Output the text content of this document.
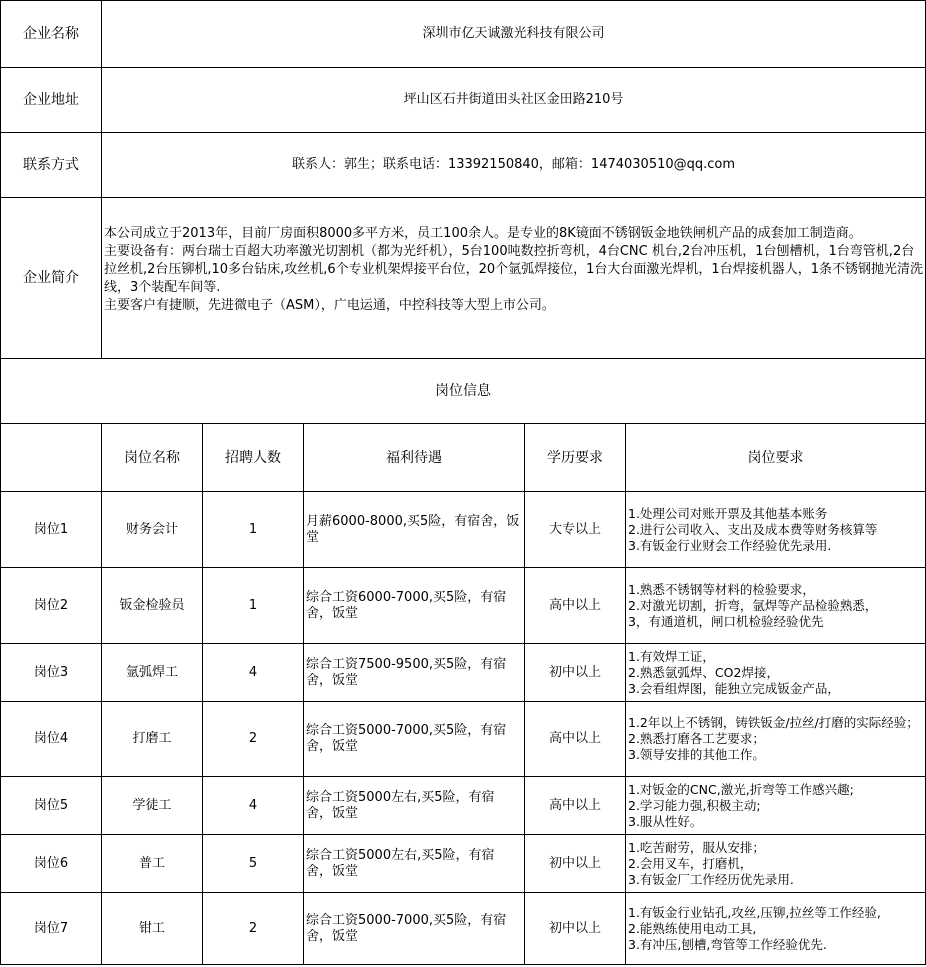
企业名称	深圳市亿天诚激光科技有限公司
企业地址	坪山区石井街道田头社区金田路210号
联系方式	联系人：郭生；联系电话：13392150840，邮箱：1474030510@qq.com
企业简介	本公司成立于2013年，目前厂房面积8000多平方米，员工100余人。是专业的8K镜面不锈钢钣金地铁闸机产品的成套加工制造商。
主要设备有：两台瑞士百超大功率激光切割机（都为光纤机），5台100吨数控折弯机，4台CNC 机台,2台冲压机，1台刨槽机，1台弯管机,2台拉丝机,2台压铆机,10多台钻床,攻丝机,6个专业机架焊接平台位，20个氩弧焊接位，1台大台面激光焊机，1台焊接机器人，1条不锈钢抛光清洗线，3个装配车间等.
主要客户有捷顺，先进微电子（ASM），广电运通，中控科技等大型上市公司。

岗位信息	
	岗位名称	招聘人数	福利待遇	学历要求	岗位要求
岗位1	财务会计	1	月薪6000-8000,买5险，有宿舍，饭堂	大专以上	1.处理公司对账开票及其他基本账务
2.进行公司收入、支出及成本费等财务核算等
3.有钣金行业财会工作经验优先录用.

岗位2	钣金检验员	1	综合工资6000-7000,买5险，有宿舍，饭堂	高中以上	1.熟悉不锈钢等材料的检验要求，
2.对激光切割，折弯，氩焊等产品检验熟悉，
3，有通道机，闸口机检验经验优先

岗位3	氩弧焊工	4	综合工资7500-9500,买5险，有宿舍，饭堂	初中以上	1.有效焊工证，
2.熟悉氩弧焊、CO2焊接，
3.会看组焊图，能独立完成钣金产品，

岗位4	打磨工	2	综合工资5000-7000,买5险，有宿舍，饭堂	高中以上	1.2年以上不锈钢，铸铁钣金/拉丝/打磨的实际经验；
2.熟悉打磨各工艺要求；
3.领导安排的其他工作。

岗位5	学徒工	4	综合工资5000左右,买5险，有宿舍，饭堂	高中以上	1.对钣金的CNC,激光,折弯等工作感兴趣;
2.学习能力强,积极主动;
3.服从性好。

岗位6	普工	5	综合工资5000左右,买5险，有宿舍，饭堂	初中以上	1.吃苦耐劳，服从安排；
2.会用叉车，打磨机，
3.有钣金厂工作经历优先录用.

岗位7	钳工	2	综合工资5000-7000,买5险，有宿舍，饭堂	初中以上	1.有钣金行业钻孔,攻丝,压铆,拉丝等工作经验,
2.能熟练使用电动工具,
3.有冲压,刨槽,弯管等工作经验优先.
